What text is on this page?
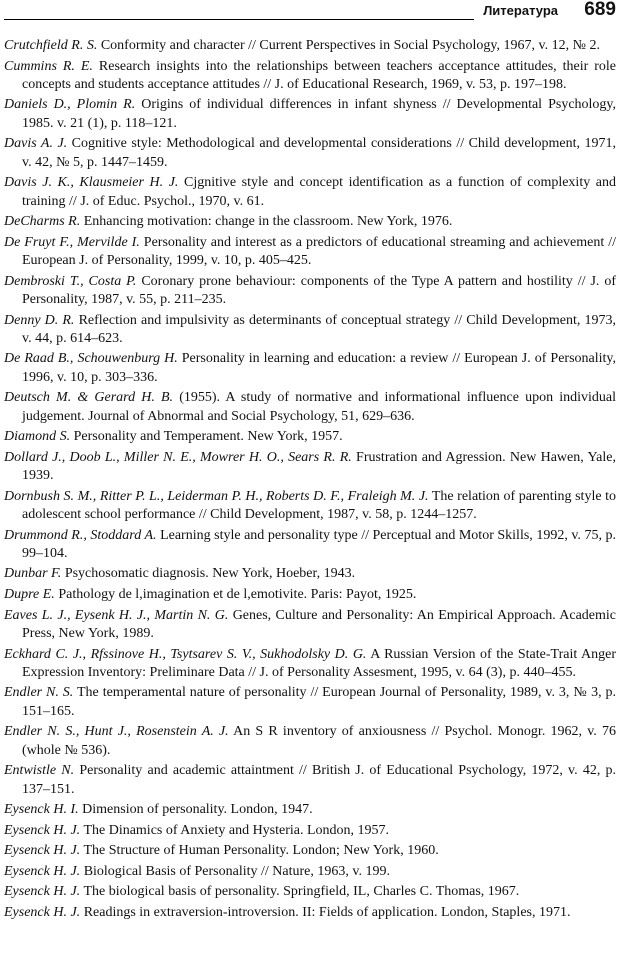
Литература 689

Crutchfield R. S. Conformity and character // Current Perspectives in Social Psychology, 1967, v. 12, № 2.

Cummins R. E. Research insights into the relationships between teachers acceptance attitudes, their role concepts and students acceptance attitudes // J. of Educational Research, 1969, v. 53, p. 197–198.

Daniels D., Plomin R. Origins of individual differences in infant shyness // Developmental Psychology, 1985. v. 21 (1), p. 118–121.

Davis A. J. Cognitive style: Methodological and developmental considerations // Child development, 1971, v. 42, № 5, p. 1447–1459.

Davis J. K., Klausmeier H. J. Cjgnitive style and concept identification as a function of complexity and training // J. of Educ. Psychol., 1970, v. 61.

DeCharms R. Enhancing motivation: change in the classroom. New York, 1976.

De Fruyt F., Mervilde I. Personality and interest as a predictors of educational streaming and achievement // European J. of Personality, 1999, v. 10, p. 405–425.

Dembroski T., Costa P. Coronary prone behaviour: components of the Type A pattern and hostility // J. of Personality, 1987, v. 55, p. 211–235.

Denny D. R. Reflection and impulsivity as determinants of conceptual strategy // Child Development, 1973, v. 44, p. 614–623.

De Raad B., Schouwenburg H. Personality in learning and education: a review // European J. of Personality, 1996, v. 10, p. 303–336.

Deutsch M. & Gerard H. B. (1955). A study of normative and informational influence upon individual judgement. Journal of Abnormal and Social Psychology, 51, 629–636.

Diamond S. Personality and Temperament. New York, 1957.

Dollard J., Doob L., Miller N. E., Mowrer H. O., Sears R. R. Frustration and Agression. New Hawen, Yale, 1939.

Dornbush S. M., Ritter P. L., Leiderman P. H., Roberts D. F., Fraleigh M. J. The relation of parenting style to adolescent school performance // Child Development, 1987, v. 58, p. 1244–1257.

Drummond R., Stoddard A. Learning style and personality type // Perceptual and Motor Skills, 1992, v. 75, p. 99–104.

Dunbar F. Psychosomatic diagnosis. New York, Hoeber, 1943.

Dupre E. Pathology de l,imagination et de l,emotivite. Paris: Payot, 1925.

Eaves L. J., Eysenk H. J., Martin N. G. Genes, Culture and Personality: An Empirical Approach. Academic Press, New York, 1989.

Eckhard C. J., Rfssinove H., Tsytsarev S. V., Sukhodolsky D. G. A Russian Version of the State-Trait Anger Expression Inventory: Preliminare Data // J. of Personality Assesment, 1995, v. 64 (3), p. 440–455.

Endler N. S. The temperamental nature of personality // European Journal of Personality, 1989, v. 3, № 3, p. 151–165.

Endler N. S., Hunt J., Rosenstein A. J. An S R inventory of anxiousness // Psychol. Monogr. 1962, v. 76 (whole № 536).

Entwistle N. Personality and academic attaintment // British J. of Educational Psychology, 1972, v. 42, p. 137–151.

Eysenck H. I. Dimension of personality. London, 1947.

Eysenck H. J. The Dinamics of Anxiety and Hysteria. London, 1957.

Eysenck H. J. The Structure of Human Personality. London; New York, 1960.

Eysenck H. J. Biological Basis of Personality // Nature, 1963, v. 199.

Eysenck H. J. The biological basis of personality. Springfield, IL, Charles C. Thomas, 1967.

Eysenck H. J. Readings in extraversion-introversion. II: Fields of application. London, Staples, 1971.
